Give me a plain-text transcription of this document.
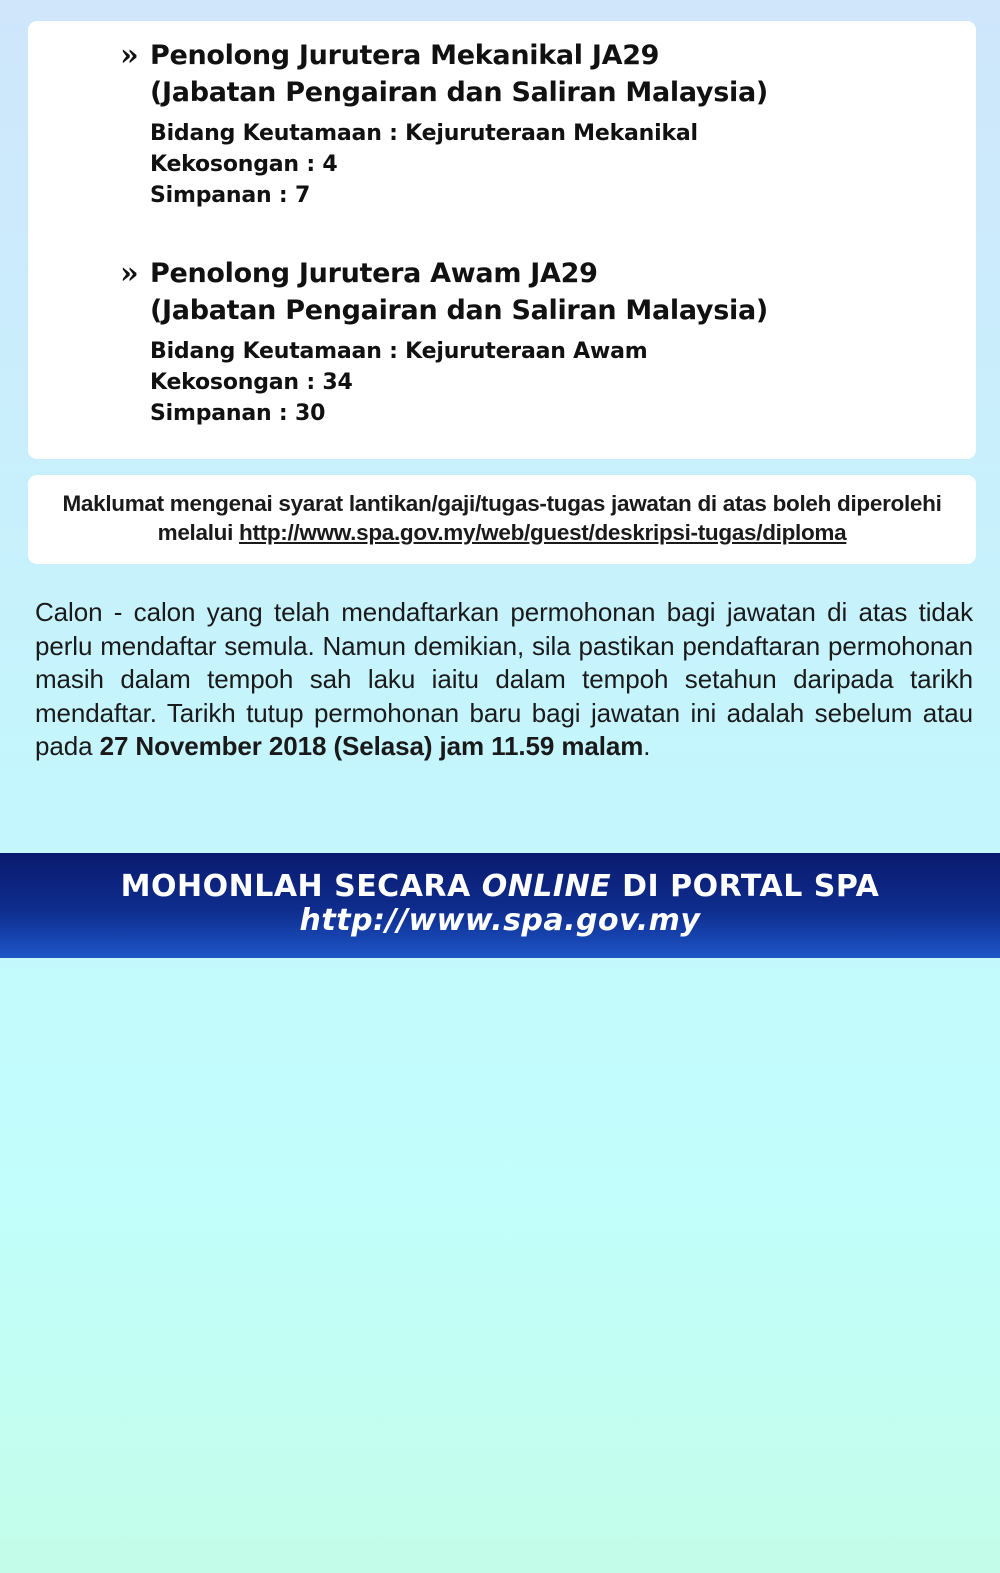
» Penolong Jurutera Mekanikal JA29
(Jabatan Pengairan dan Saliran Malaysia)
Bidang Keutamaan : Kejuruteraan Mekanikal
Kekosongan : 4
Simpanan : 7
» Penolong Jurutera Awam JA29
(Jabatan Pengairan dan Saliran Malaysia)
Bidang Keutamaan : Kejuruteraan Awam
Kekosongan : 34
Simpanan : 30
Maklumat mengenai syarat lantikan/gaji/tugas-tugas jawatan di atas boleh diperolehi melalui http://www.spa.gov.my/web/guest/deskripsi-tugas/diploma
Calon - calon yang telah mendaftarkan permohonan bagi jawatan di atas tidak perlu mendaftar semula. Namun demikian, sila pastikan pendaftaran permohonan masih dalam tempoh sah laku iaitu dalam tempoh setahun daripada tarikh mendaftar. Tarikh tutup permohonan baru bagi jawatan ini adalah sebelum atau pada 27 November 2018 (Selasa) jam 11.59 malam.
MOHONLAH SECARA ONLINE DI PORTAL SPA
http://www.spa.gov.my
